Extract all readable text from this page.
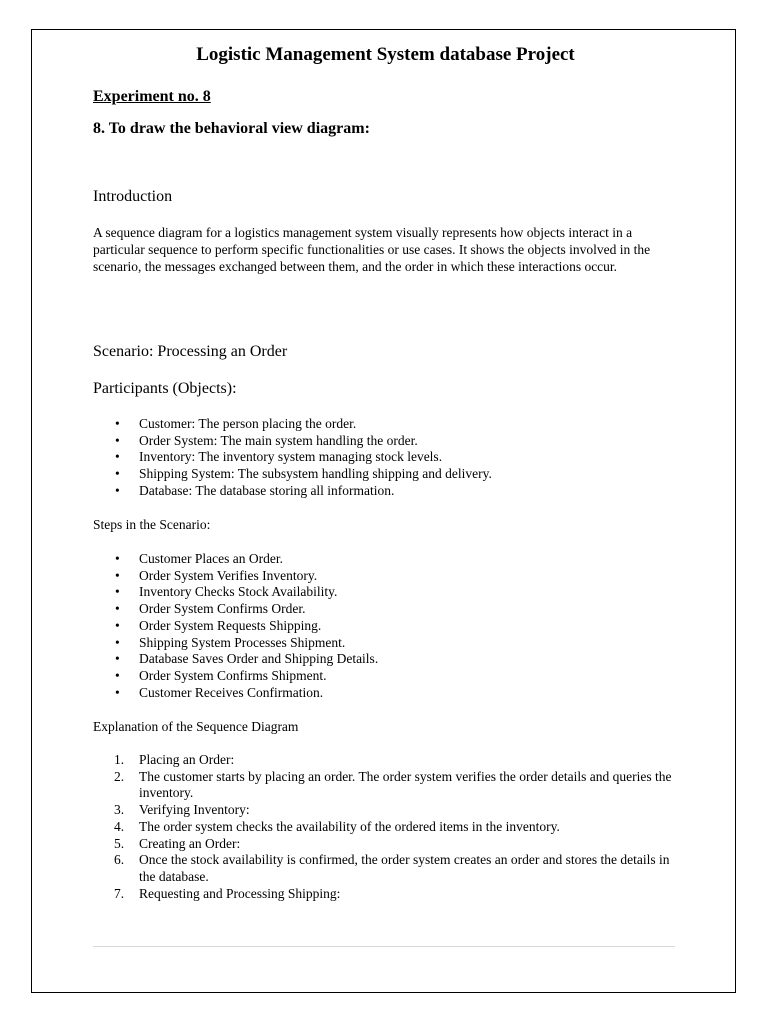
Logistic Management System database Project

Experiment no. 8

8. To draw the behavioral view diagram:

Introduction

A sequence diagram for a logistics management system visually represents how objects interact in a particular sequence to perform specific functionalities or use cases. It shows the objects involved in the scenario, the messages exchanged between them, and the order in which these interactions occur.

Scenario: Processing an Order
Participants (Objects):
• Customer: The person placing the order.
• Order System: The main system handling the order.
• Inventory: The inventory system managing stock levels.
• Shipping System: The subsystem handling shipping and delivery.
• Database: The database storing all information.

Steps in the Scenario:

• Customer Places an Order.
• Order System Verifies Inventory.
• Inventory Checks Stock Availability.
• Order System Confirms Order.
• Order System Requests Shipping.
• Shipping System Processes Shipment.
• Database Saves Order and Shipping Details.
• Order System Confirms Shipment.
• Customer Receives Confirmation.

Explanation of the Sequence Diagram

1. Placing an Order:
2. The customer starts by placing an order. The order system verifies the order details and queries the inventory.
3. Verifying Inventory:
4. The order system checks the availability of the ordered items in the inventory.
5. Creating an Order:
6. Once the stock availability is confirmed, the order system creates an order and stores the details in the database.
7. Requesting and Processing Shipping:
